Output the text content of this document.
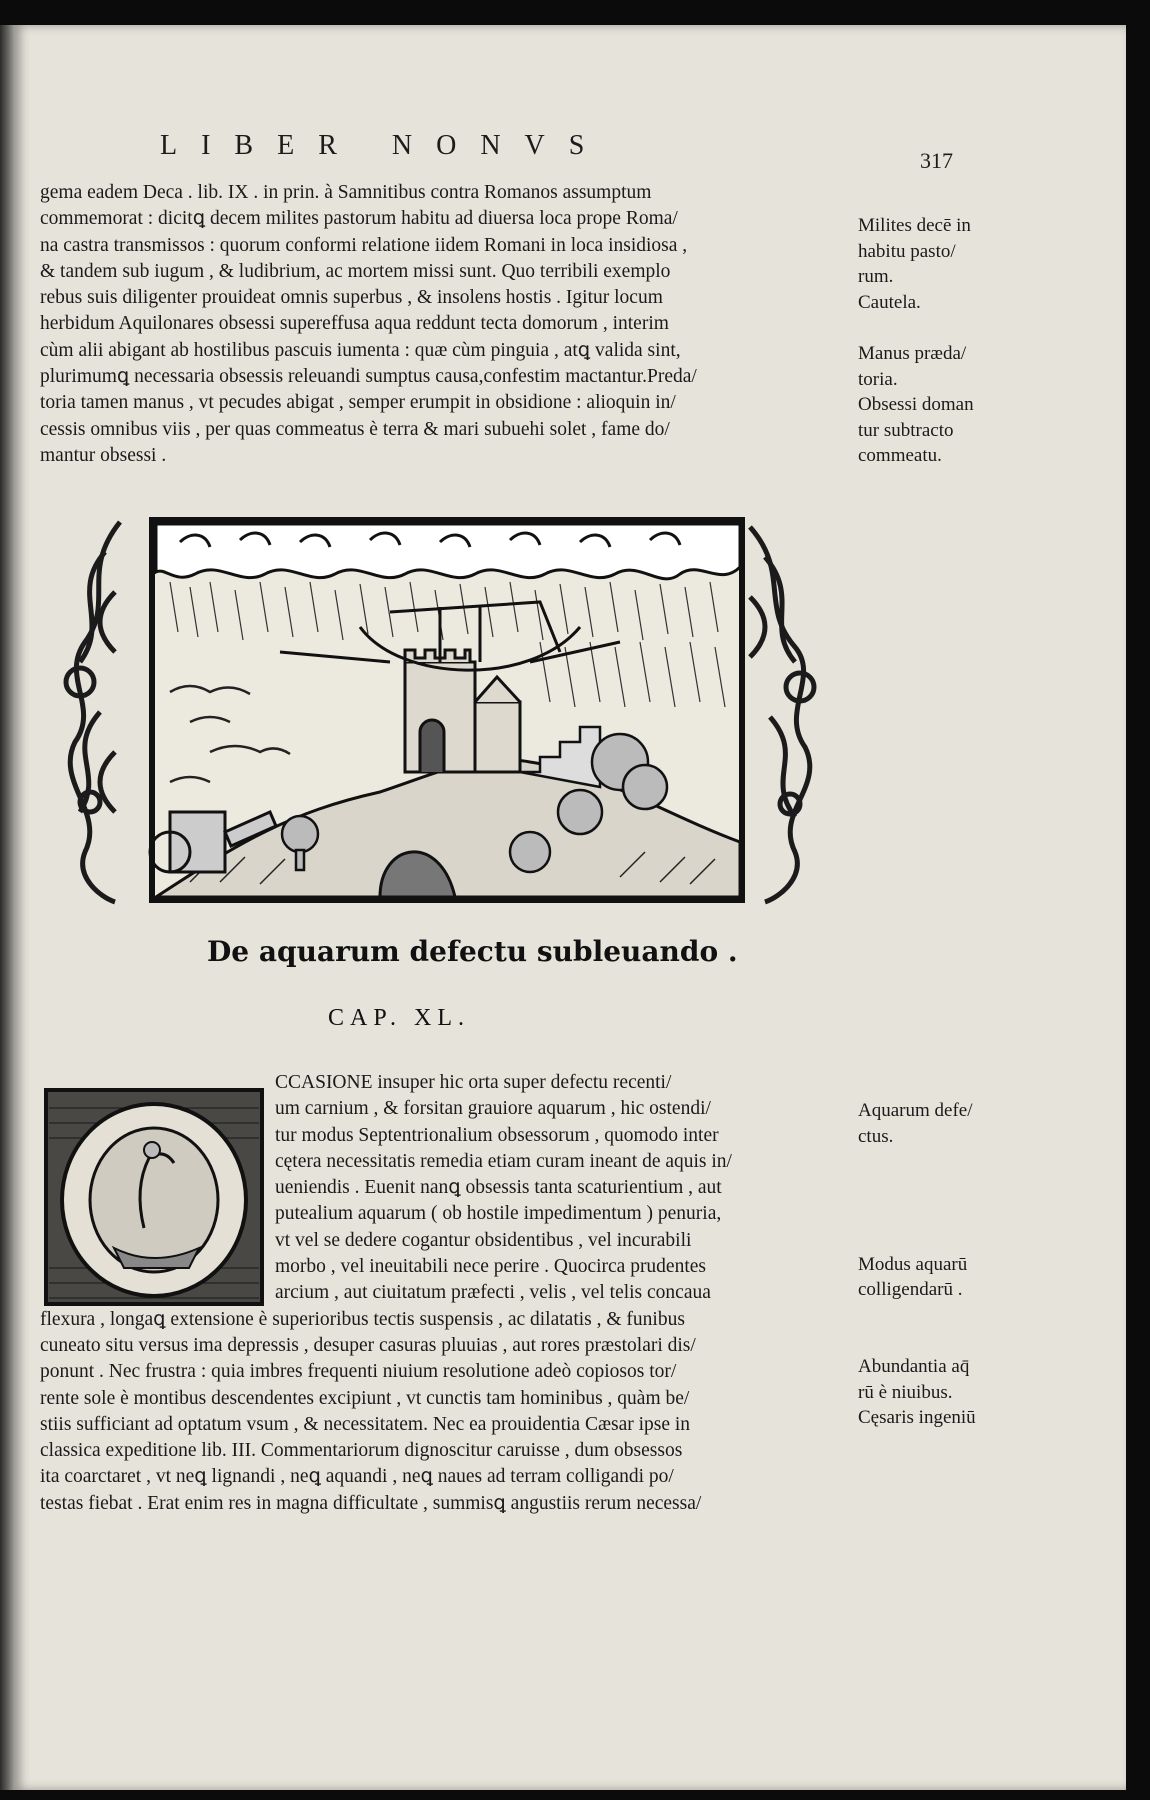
LIBER NONVS	317
gema eadem Deca . lib. IX . in prin. à Samnitibus contra Romanos assumptum
commemorat : dicitꝗ decem milites pastorum habitu ad diuersa loca prope Roma/
na castra transmissos : quorum conformi relatione iidem Romani in loca insidiosa ,
& tandem sub iugum , & ludibrium, ac mortem missi sunt. Quo terribili exemplo
rebus suis diligenter prouideat omnis superbus , & insolens hostis . Igitur locum
herbidum Aquilonares obsessi supereffusa aqua reddunt tecta domorum , interim
cùm alii abigant ab hostilibus pascuis iumenta : quæ cùm pinguia , atꝗ valida sint,
plurimumꝗ necessaria obsessis releuandi sumptus causa,confestim mactantur.Preda/
toria tamen manus , vt pecudes abigat , semper erumpit in obsidione : alioquin in/
cessis omnibus viis , per quas commeatus è terra & mari subuehi solet , fame do/
mantur obsessi .
Milites decē in
habitu pasto/
rum.
Cautela.

Manus præda/
toria.
Obsessi doman
tur subtracto
commeatu.
De aquarum defectu subleuando .
CAP. XL.
CCASIONE insuper hic orta super defectu recenti/
um carnium , & forsitan grauiore aquarum , hic ostendi/
tur modus Septentrionalium obsessorum , quomodo inter
cętera necessitatis remedia etiam curam ineant de aquis in/
ueniendis . Euenit nanꝗ obsessis tanta scaturientium , aut
putealium aquarum ( ob hostile impedimentum ) penuria,
vt vel se dedere cogantur obsidentibus , vel incurabili
morbo , vel ineuitabili nece perire . Quocirca prudentes
arcium , aut ciuitatum præfecti , velis , vel telis concaua
flexura , longaꝗ extensione è superioribus tectis suspensis , ac dilatatis , & funibus
cuneato situ versus ima depressis , desuper casuras pluuias , aut rores præstolari dis/
ponunt . Nec frustra : quia imbres frequenti niuium resolutione adeò copiosos tor/
rente sole è montibus descendentes excipiunt , vt cunctis tam hominibus , quàm be/
stiis sufficiant ad optatum vsum , & necessitatem. Nec ea prouidentia Cæsar ipse in
classica expeditione lib. III. Commentariorum dignoscitur caruisse , dum obsessos
ita coarctaret , vt neꝗ lignandi , neꝗ aquandi , neꝗ naues ad terram colligandi po/
testas fiebat . Erat enim res in magna difficultate , summisꝗ angustiis rerum necessa/
Aquarum defe/
ctus.

Modus aquarū
colligendarū .

Abundantia aq̄
rū è niuibus.
Cęsaris ingeniū
